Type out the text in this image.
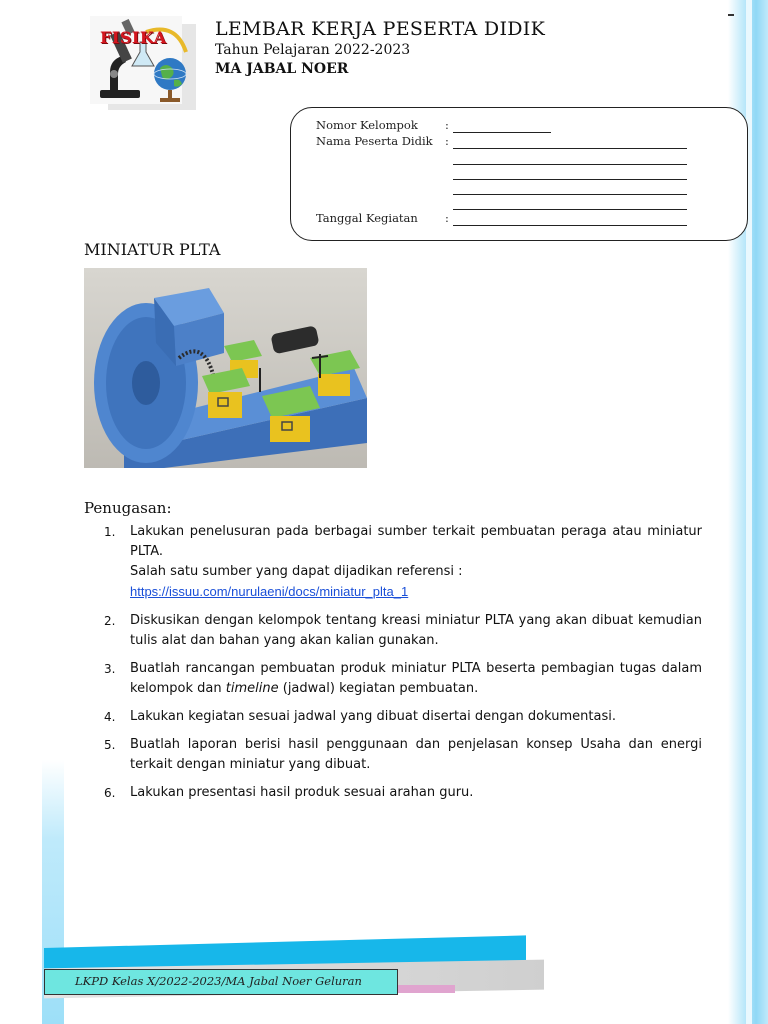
FISIKA	LEMBAR KERJA PESERTA DIDIK

Tahun Pelajaran 2022-2023

MA JABAL NOER

Nomor Kelompok :
Nama Peserta Didik :
Tanggal Kegiatan :
MINIATUR PLTA
Penugasan:
1. Lakukan penelusuran pada berbagai sumber terkait pembuatan peraga atau miniatur PLTA.
Salah satu sumber yang dapat dijadikan referensi :
https://issuu.com/nurulaeni/docs/miniatur_plta_1
2. Diskusikan dengan kelompok tentang kreasi miniatur PLTA yang akan dibuat kemudian tulis alat dan bahan yang akan kalian gunakan.
3. Buatlah rancangan pembuatan produk miniatur PLTA beserta pembagian tugas dalam kelompok dan timeline (jadwal) kegiatan pembuatan.
4. Lakukan kegiatan sesuai jadwal yang dibuat disertai dengan dokumentasi.
5. Buatlah laporan berisi hasil penggunaan dan penjelasan konsep Usaha dan energi terkait dengan miniatur yang dibuat.
6. Lakukan presentasi hasil produk sesuai arahan guru.
LKPD Kelas X/2022-2023/MA Jabal Noer Geluran
